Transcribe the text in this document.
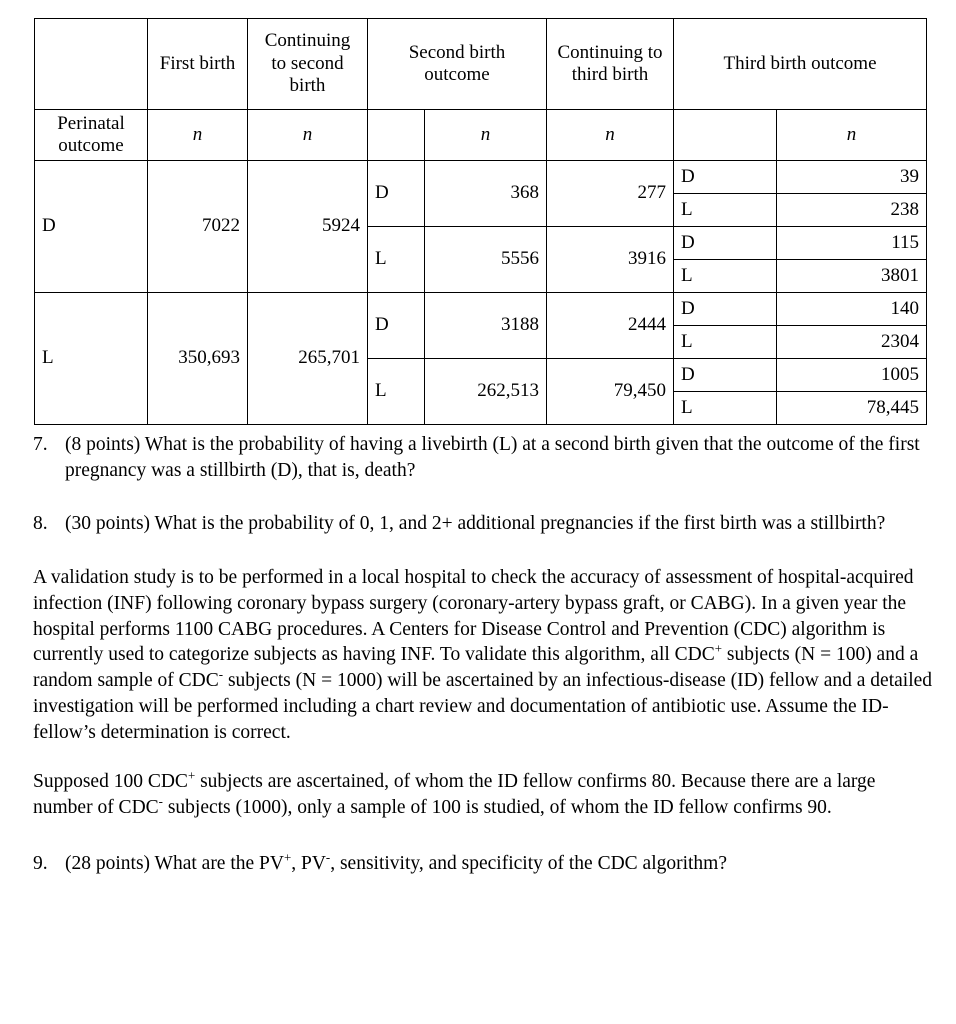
	First birth	Continuing to second birth	Second birth outcome		Continuing to third birth	Third birth outcome	
Perinatal outcome	n	n		n	n		n
D	7022	5924	D	368	277	D	39
						L	238
			L	5556	3916	D	115
						L	3801
L	350,693	265,701	D	3188	2444	D	140
						L	2304
			L	262,513	79,450	D	1005
						L	78,445
7. (8 points) What is the probability of having a livebirth (L) at a second birth given that the outcome of the first pregnancy was a stillbirth (D), that is, death?
8. (30 points) What is the probability of 0, 1, and 2+ additional pregnancies if the first birth was a stillbirth?

A validation study is to be performed in a local hospital to check the accuracy of assessment of hospital-acquired infection (INF) following coronary bypass surgery (coronary-artery bypass graft, or CABG). In a given year the hospital performs 1100 CABG procedures. A Centers for Disease Control and Prevention (CDC) algorithm is currently used to categorize subjects as having INF. To validate this algorithm, all CDC+ subjects (N = 100) and a random sample of CDC- subjects (N = 1000) will be ascertained by an infectious-disease (ID) fellow and a detailed investigation will be performed including a chart review and documentation of antibiotic use. Assume the ID-fellow’s determination is correct.

Supposed 100 CDC+ subjects are ascertained, of whom the ID fellow confirms 80. Because there are a large number of CDC- subjects (1000), only a sample of 100 is studied, of whom the ID fellow confirms 90.

9. (28 points) What are the PV+, PV-, sensitivity, and specificity of the CDC algorithm?
